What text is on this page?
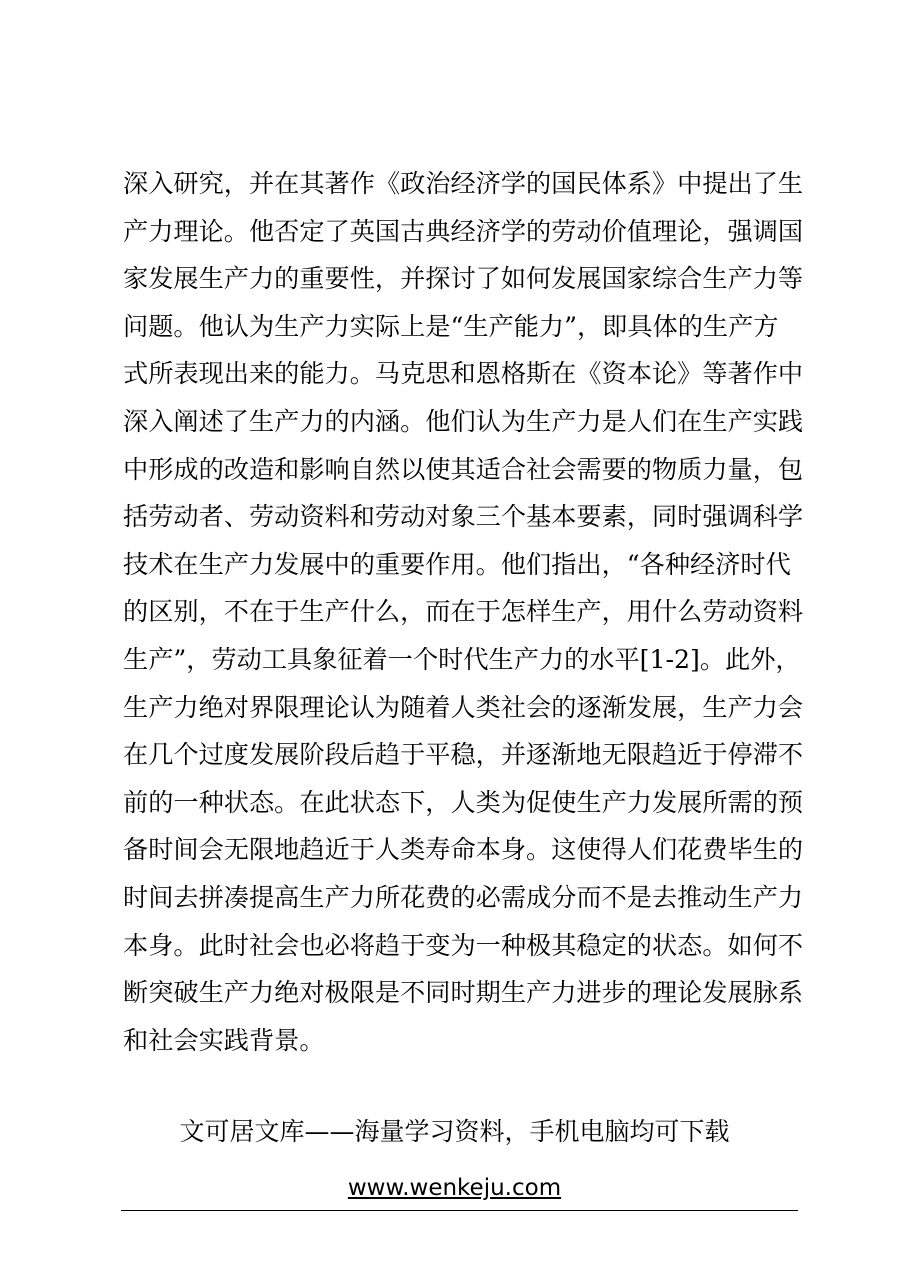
深入研究，并在其著作《政治经济学的国民体系》中提出了生
产力理论。他否定了英国古典经济学的劳动价值理论，强调国
家发展生产力的重要性，并探讨了如何发展国家综合生产力等
问题。他认为生产力实际上是“生产能力”，即具体的生产方
式所表现出来的能力。马克思和恩格斯在《资本论》等著作中
深入阐述了生产力的内涵。他们认为生产力是人们在生产实践
中形成的改造和影响自然以使其适合社会需要的物质力量，包
括劳动者、劳动资料和劳动对象三个基本要素，同时强调科学
技术在生产力发展中的重要作用。他们指出，“各种经济时代
的区别，不在于生产什么，而在于怎样生产，用什么劳动资料
生产”，劳动工具象征着一个时代生产力的水平[1-2]。此外，
生产力绝对界限理论认为随着人类社会的逐渐发展，生产力会
在几个过度发展阶段后趋于平稳，并逐渐地无限趋近于停滞不
前的一种状态。在此状态下，人类为促使生产力发展所需的预
备时间会无限地趋近于人类寿命本身。这使得人们花费毕生的
时间去拼凑提高生产力所花费的必需成分而不是去推动生产力
本身。此时社会也必将趋于变为一种极其稳定的状态。如何不
断突破生产力绝对极限是不同时期生产力进步的理论发展脉系
和社会实践背景。
文可居文库——海量学习资料，手机电脑均可下载
www.wenkeju.com
